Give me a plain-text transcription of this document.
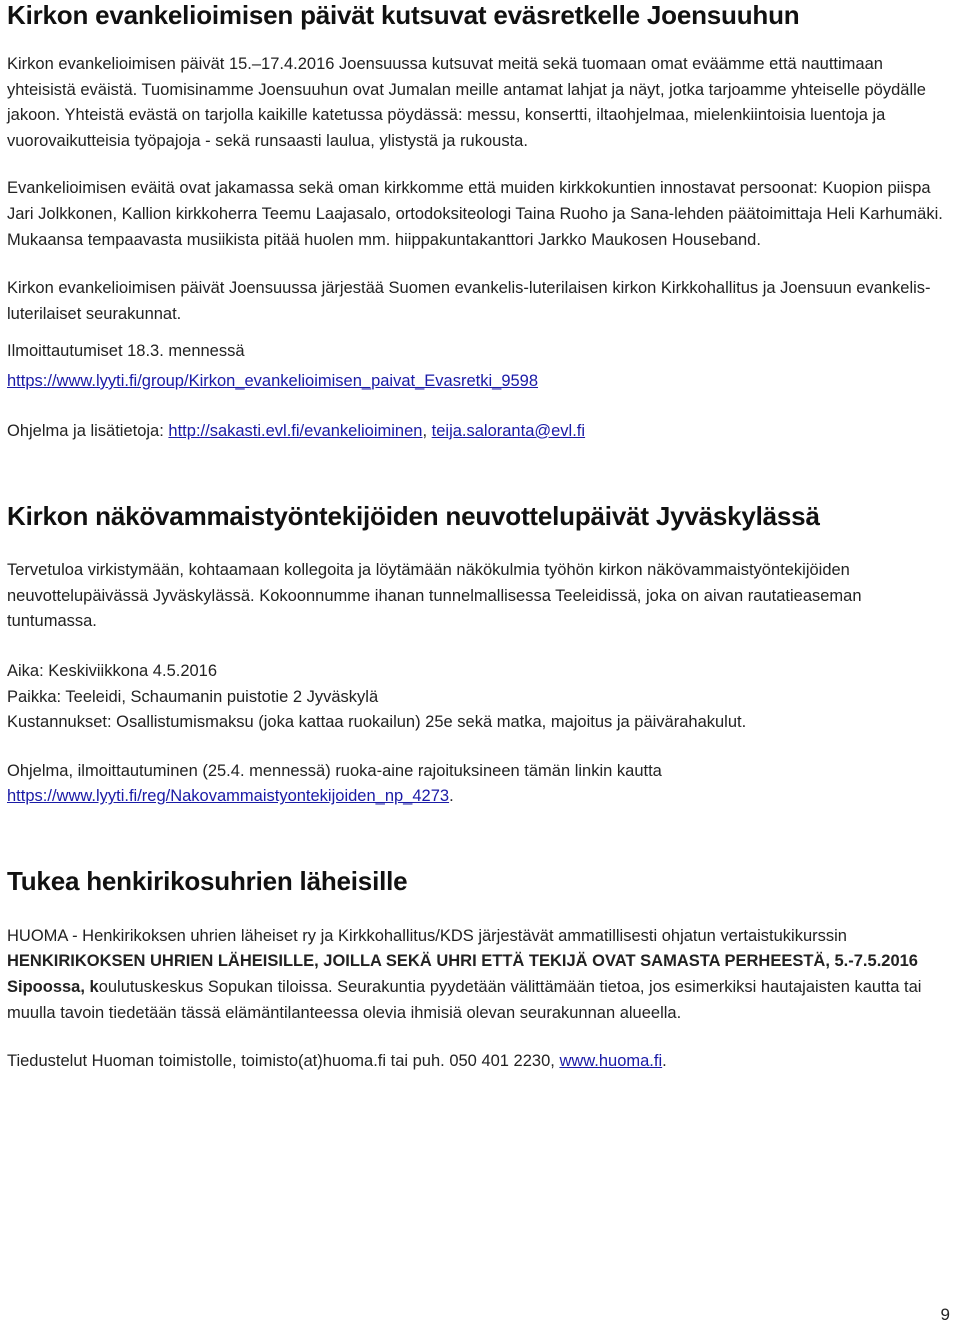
Kirkon evankelioimisen päivät kutsuvat eväsretkelle Joensuuhun

Kirkon evankelioimisen päivät 15.–17.4.2016 Joensuussa kutsuvat meitä sekä tuomaan omat eväämme että nauttimaan yhteisistä eväistä. Tuomisinamme Joensuuhun ovat Jumalan meille antamat lahjat ja näyt, jotka tarjoamme yhteiselle pöydälle jakoon. Yhteistä evästä on tarjolla kaikille katetussa pöydässä: messu, konsertti, iltaohjelmaa, mielenkiintoisia luentoja ja vuorovaikutteisia työpajoja - sekä runsaasti laulua, ylistystä ja rukousta.

Evankelioimisen eväitä ovat jakamassa sekä oman kirkkomme että muiden kirkkokuntien innostavat persoonat: Kuopion piispa Jari Jolkkonen, Kallion kirkkoherra Teemu Laajasalo, ortodoksiteologi Taina Ruoho ja Sana-lehden päätoimittaja Heli Karhumäki. Mukaansa tempaavasta musiikista pitää huolen mm. hiippakuntakanttori Jarkko Maukosen Houseband.

Kirkon evankelioimisen päivät Joensuussa järjestää Suomen evankelis-luterilaisen kirkon Kirkkohallitus ja Joensuun evankelis-luterilaiset seurakunnat.

Ilmoittautumiset 18.3. mennessä

https://www.lyyti.fi/group/Kirkon_evankelioimisen_paivat_Evasretki_9598

Ohjelma ja lisätietoja: http://sakasti.evl.fi/evankelioiminen, teija.saloranta@evl.fi

Kirkon näkövammaistyöntekijöiden neuvottelupäivät Jyväskylässä

Tervetuloa virkistymään, kohtaamaan kollegoita ja löytämään näkökulmia työhön kirkon näkövammaistyöntekijöiden neuvottelupäivässä Jyväskylässä. Kokoonnumme ihanan tunnelmallisessa Teeleidissä, joka on aivan rautatieaseman tuntumassa.

Aika: Keskiviikkona 4.5.2016
Paikka: Teeleidi, Schaumanin puistotie 2 Jyväskylä
Kustannukset: Osallistumismaksu (joka kattaa ruokailun) 25e sekä matka, majoitus ja päivärahakulut.

Ohjelma, ilmoittautuminen (25.4. mennessä) ruoka-aine rajoituksineen tämän linkin kautta
https://www.lyyti.fi/reg/Nakovammaistyontekijoiden_np_4273.

Tukea henkirikosuhrien läheisille

HUOMA - Henkirikoksen uhrien läheiset ry ja Kirkkohallitus/KDS järjestävät ammatillisesti ohjatun vertaistukikurssin HENKIRIKOKSEN UHRIEN LÄHEISILLE, JOILLA SEKÄ UHRI ETTÄ TEKIJÄ OVAT SAMASTA PERHEESTÄ, 5.-7.5.2016 Sipoossa, koulutuskeskus Sopukan tiloissa. Seurakuntia pyydetään välittämään tietoa, jos esimerkiksi hautajaisten kautta tai muulla tavoin tiedetään tässä elämäntilanteessa olevia ihmisiä olevan seurakunnan alueella.

Tiedustelut Huoman toimistolle, toimisto(at)huoma.fi tai puh. 050 401 2230, www.huoma.fi.

9
